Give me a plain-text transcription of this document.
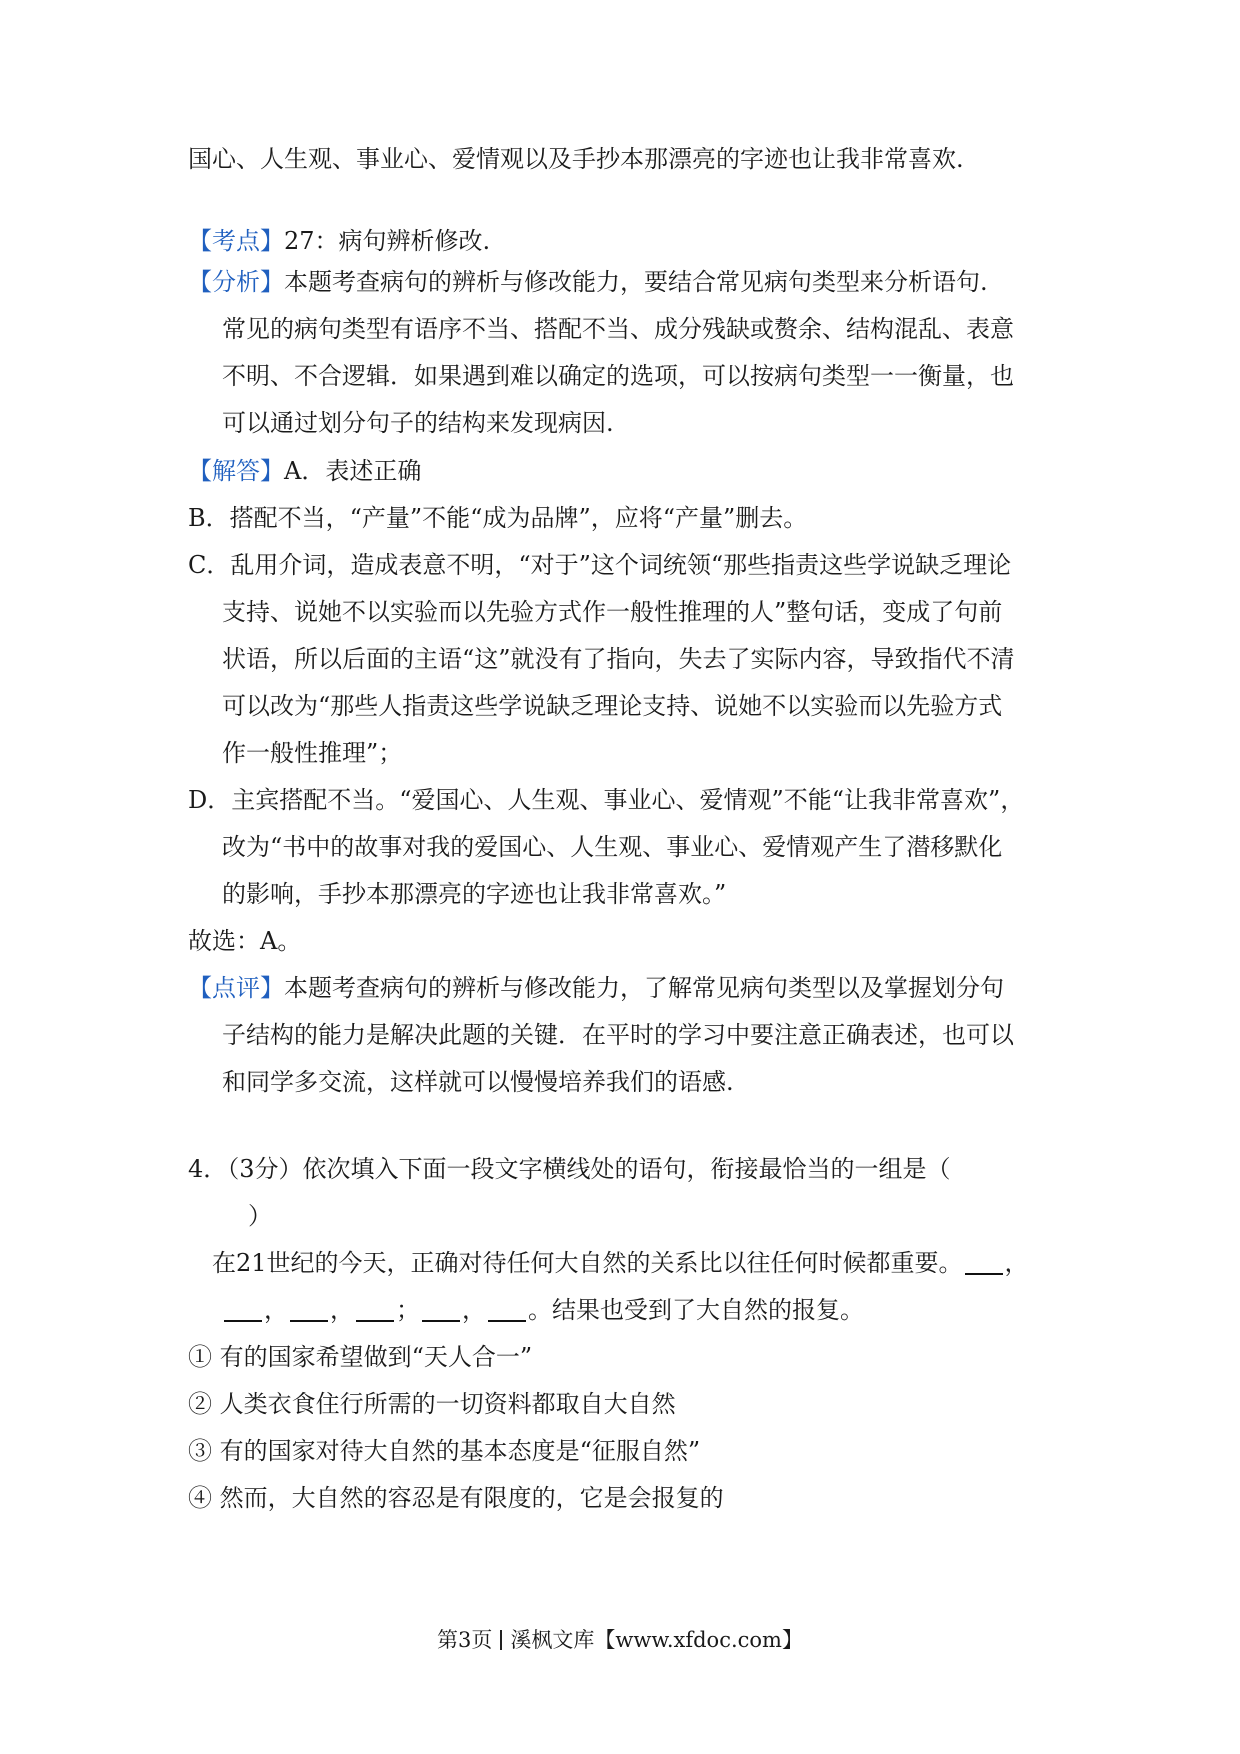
国心、人生观、事业心、爱情观以及手抄本那漂亮的字迹也让我非常喜欢.
【考点】27：病句辨析修改.
【分析】本题考查病句的辨析与修改能力，要结合常见病句类型来分析语句.
常见的病句类型有语序不当、搭配不当、成分残缺或赘余、结构混乱、表意
不明、不合逻辑．如果遇到难以确定的选项，可以按病句类型一一衡量，也
可以通过划分句子的结构来发现病因.
【解答】A．表述正确
B．搭配不当，“产量”不能“成为品牌”，应将“产量”删去。
C．乱用介词，造成表意不明，“对于”这个词统领“那些指责这些学说缺乏理论
支持、说她不以实验而以先验方式作一般性推理的人”整句话，变成了句前
状语，所以后面的主语“这”就没有了指向，失去了实际内容，导致指代不清
可以改为“那些人指责这些学说缺乏理论支持、说她不以实验而以先验方式
作一般性推理”；
D．主宾搭配不当。“爱国心、人生观、事业心、爱情观”不能“让我非常喜欢”，
改为“书中的故事对我的爱国心、人生观、事业心、爱情观产生了潜移默化
的影响，手抄本那漂亮的字迹也让我非常喜欢。”
故选：A。
【点评】本题考查病句的辨析与修改能力，了解常见病句类型以及掌握划分句
子结构的能力是解决此题的关键．在平时的学习中要注意正确表述，也可以
和同学多交流，这样就可以慢慢培养我们的语感.
4．（3分）依次填入下面一段文字横线处的语句，衔接最恰当的一组是（
）
在21世纪的今天，正确对待任何大自然的关系比以往任何时候都重要。 ，
， ， ； ， 。结果也受到了大自然的报复。
① 有的国家希望做到“天人合一”
② 人类衣食住行所需的一切资料都取自大自然
③ 有的国家对待大自然的基本态度是“征服自然”
④ 然而，大自然的容忍是有限度的，它是会报复的
第3页 溪枫文库【www.xfdoc.com】
